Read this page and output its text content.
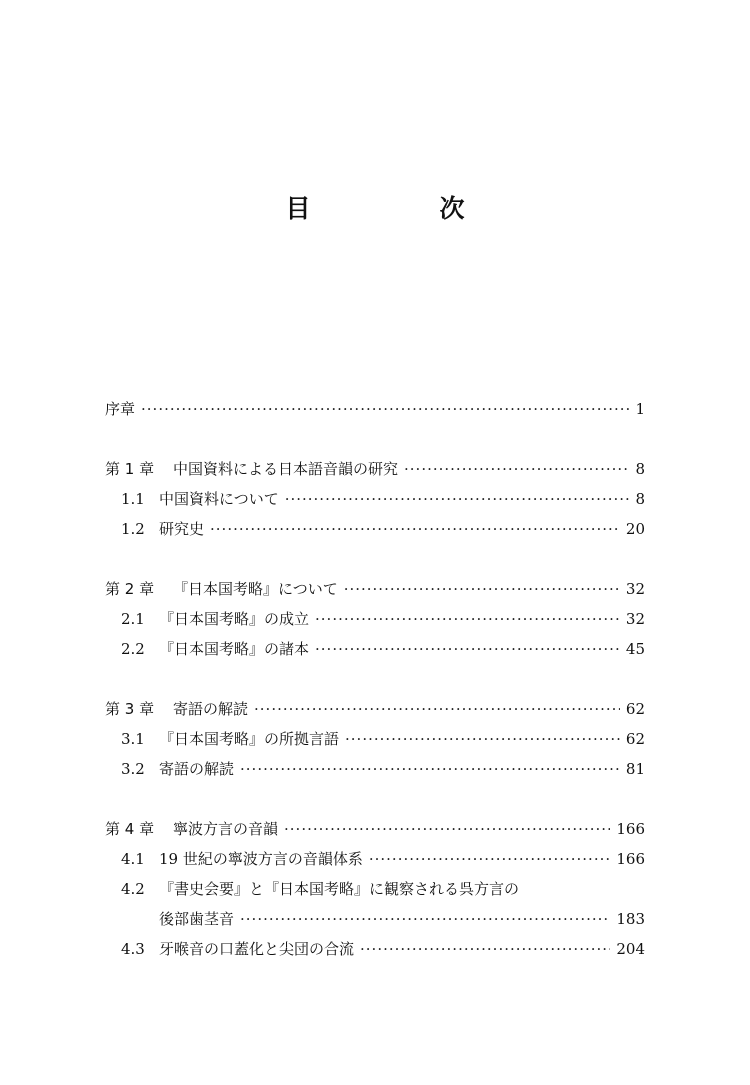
目　次
序章 ·····	1
第 1 章	中国資料による日本語音韻の研究 ·····	8
1.1 中国資料について ·····	8
1.2 研究史 ·····	20
第 2 章	『日本国考略』について ·····	32
2.1 『日本国考略』の成立 ·····	32
2.2 『日本国考略』の諸本 ·····	45
第 3 章	寄語の解読 ·····	62
3.1 『日本国考略』の所拠言語 ·····	62
3.2 寄語の解読 ·····	81
第 4 章	寧波方言の音韻 ·····	166
4.1 19 世紀の寧波方言の音韻体系 ·····	166
4.2 『書史会要』と『日本国考略』に観察される呉方言の
後部歯茎音 ·····	183
4.3 牙喉音の口蓋化と尖団の合流 ·····	204
